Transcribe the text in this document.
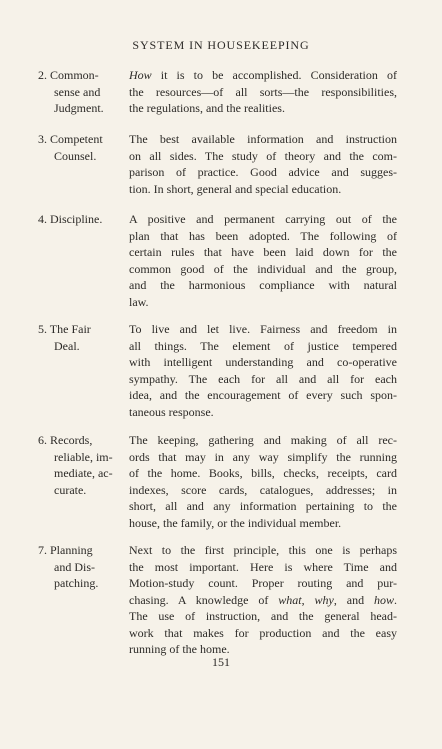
SYSTEM IN HOUSEKEEPING
2. Common-
sense and
Judgment.
How it is to be accomplished. Consideration of
the resources—of all sorts—the responsibilities,
the regulations, and the realities.
3. Competent
Counsel.
The best available information and instruction
on all sides. The study of theory and the com-
parison of practice. Good advice and sugges-
tion. In short, general and special education.
4. Discipline.	A positive and permanent carrying out of the
plan that has been adopted. The following of
certain rules that have been laid down for the
common good of the individual and the group,
and the harmonious compliance with natural
law.
5. The Fair
Deal.
To live and let live. Fairness and freedom in
all things. The element of justice tempered
with intelligent understanding and co-operative
sympathy. The each for all and all for each
idea, and the encouragement of every such spon-
taneous response.
6. Records,
reliable, im-
mediate, ac-
curate.
The keeping, gathering and making of all rec-
ords that may in any way simplify the running
of the home. Books, bills, checks, receipts, card
indexes, score cards, catalogues, addresses; in
short, all and any information pertaining to the
house, the family, or the individual member.
7. Planning
and Dis-
patching.
Next to the first principle, this one is perhaps
the most important. Here is where Time and
Motion-study count. Proper routing and pur-
chasing. A knowledge of what, why, and how.
The use of instruction, and the general head-
work that makes for production and the easy
running of the home.
151
